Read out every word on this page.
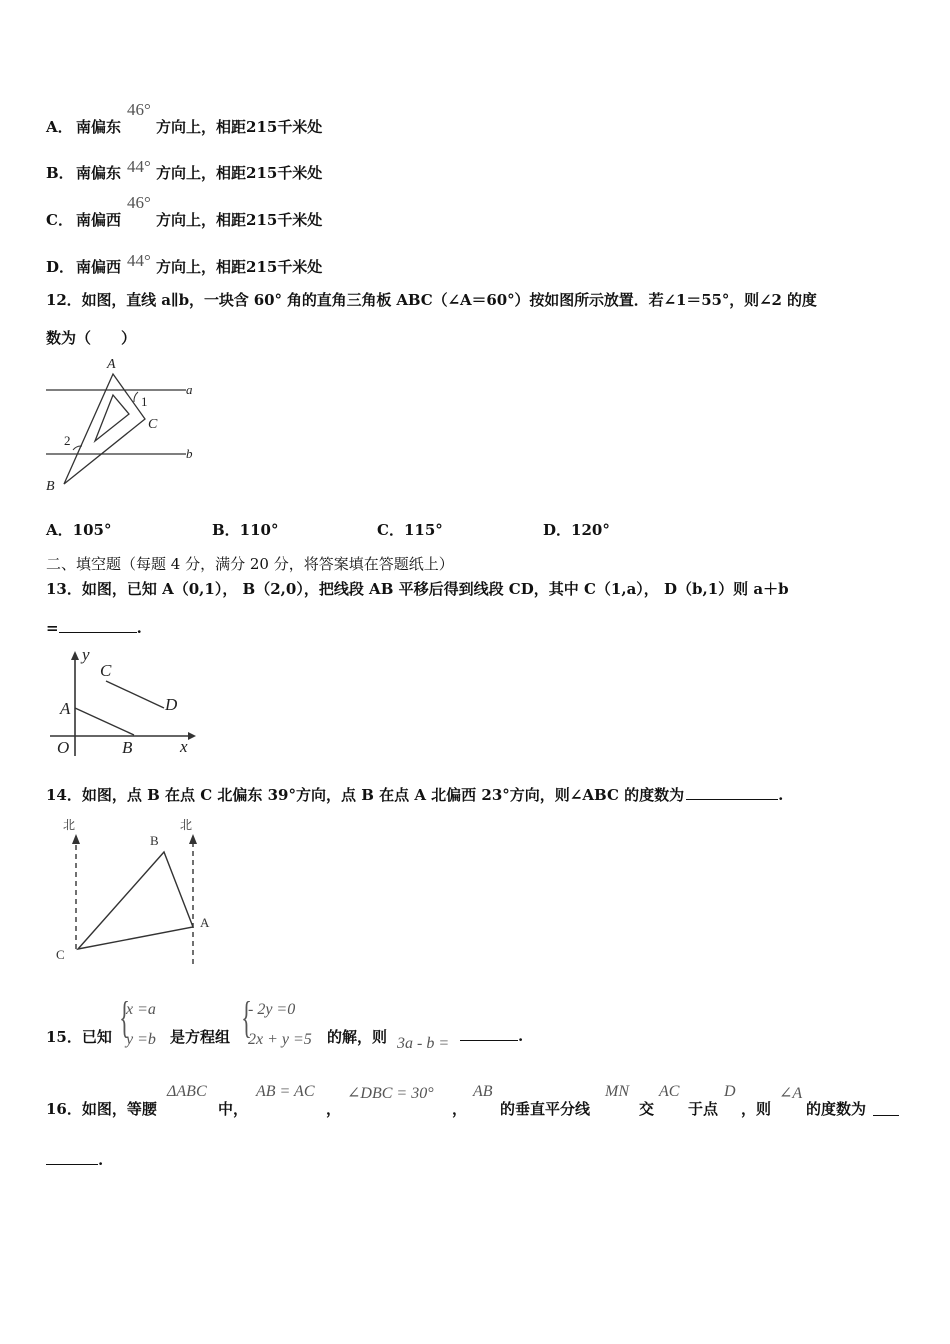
A． 南偏东
46°
方向上，相距215千米处
B． 南偏东 44° 方向上，相距215千米处
C． 南偏西
46°
方向上，相距215千米处
D． 南偏西 44° 方向上，相距215千米处
12．如图，直线 a∥b，一块含 60° 角的直角三角板 ABC（∠A＝60°）按如图所示放置．若∠1＝55°，则∠2 的度
数为（　　）
A
B
C
1
2
a
b
A．105°	B．110°	C．115°	D．120°
二、填空题（每题 4 分，满分 20 分，将答案填在答题纸上）
13．如图，已知 A（0,1）， B（2,0），把线段 AB 平移后得到线段 CD，其中 C（1,a）， D（b,1）则 a＋b
=	.
y
x
O
A
B
C
D
14．如图，点 B 在点 C 北偏东 39°方向，点 B 在点 A 北偏西 23°方向，则∠ABC 的度数为	.
北	北
B
A
C
15．已知 {
x =a
y =b 是方程组 {
- 2y =0
2x + y =5 的解，则 3a - b =	.
16．如图，等腰
ΔABC
中，
AB = AC
，
∠DBC = 30°
，
AB
的垂直平分线
MN
交
AC
于点
D
，则
∠A
的度数为
.
